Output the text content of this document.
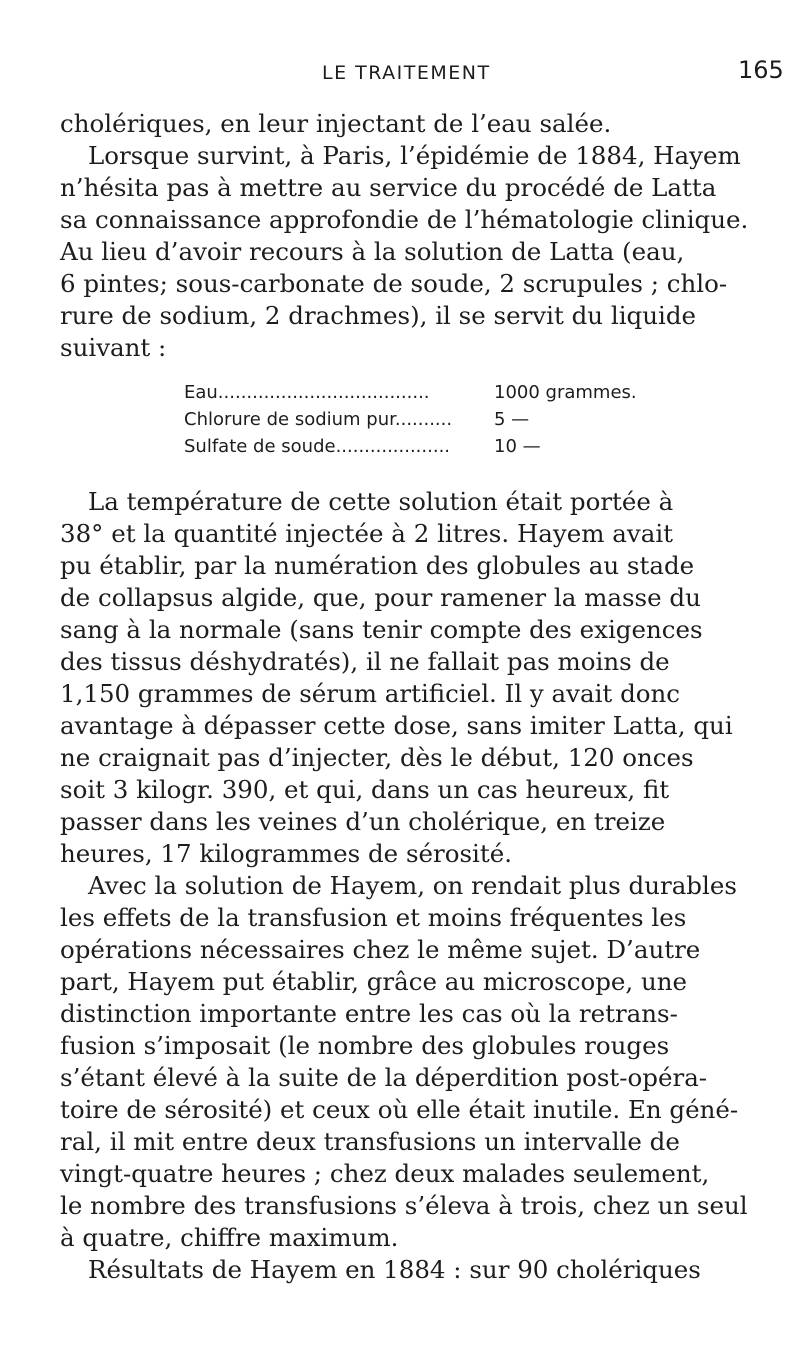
LE TRAITEMENT	165
cholériques, en leur injectant de l’eau salée.
Lorsque survint, à Paris, l’épidémie de 1884, Hayem
n’hésita pas à mettre au service du procédé de Latta
sa connaissance approfondie de l’hématologie clinique.
Au lieu d’avoir recours à la solution de Latta (eau,
6 pintes; sous-carbonate de soude, 2 scrupules ; chlo-
rure de sodium, 2 drachmes), il se servit du liquide
suivant :
Eau.....................................	1000 grammes.
Chlorure de sodium pur.......... 5 —
Sulfate de soude.................... 10 —
La température de cette solution était portée à
38° et la quantité injectée à 2 litres. Hayem avait
pu établir, par la numération des globules au stade
de collapsus algide, que, pour ramener la masse du
sang à la normale (sans tenir compte des exigences
des tissus déshydratés), il ne fallait pas moins de
1,150 grammes de sérum artificiel. Il y avait donc
avantage à dépasser cette dose, sans imiter Latta, qui
ne craignait pas d’injecter, dès le début, 120 onces
soit 3 kilogr. 390, et qui, dans un cas heureux, fit
passer dans les veines d’un cholérique, en treize
heures, 17 kilogrammes de sérosité.
Avec la solution de Hayem, on rendait plus durables
les effets de la transfusion et moins fréquentes les
opérations nécessaires chez le même sujet. D’autre
part, Hayem put établir, grâce au microscope, une
distinction importante entre les cas où la retrans-
fusion s’imposait (le nombre des globules rouges
s’étant élevé à la suite de la déperdition post-opéra-
toire de sérosité) et ceux où elle était inutile. En géné-
ral, il mit entre deux transfusions un intervalle de
vingt-quatre heures ; chez deux malades seulement,
le nombre des transfusions s’éleva à trois, chez un seul
à quatre, chiffre maximum.
Résultats de Hayem en 1884 : sur 90 cholériques
